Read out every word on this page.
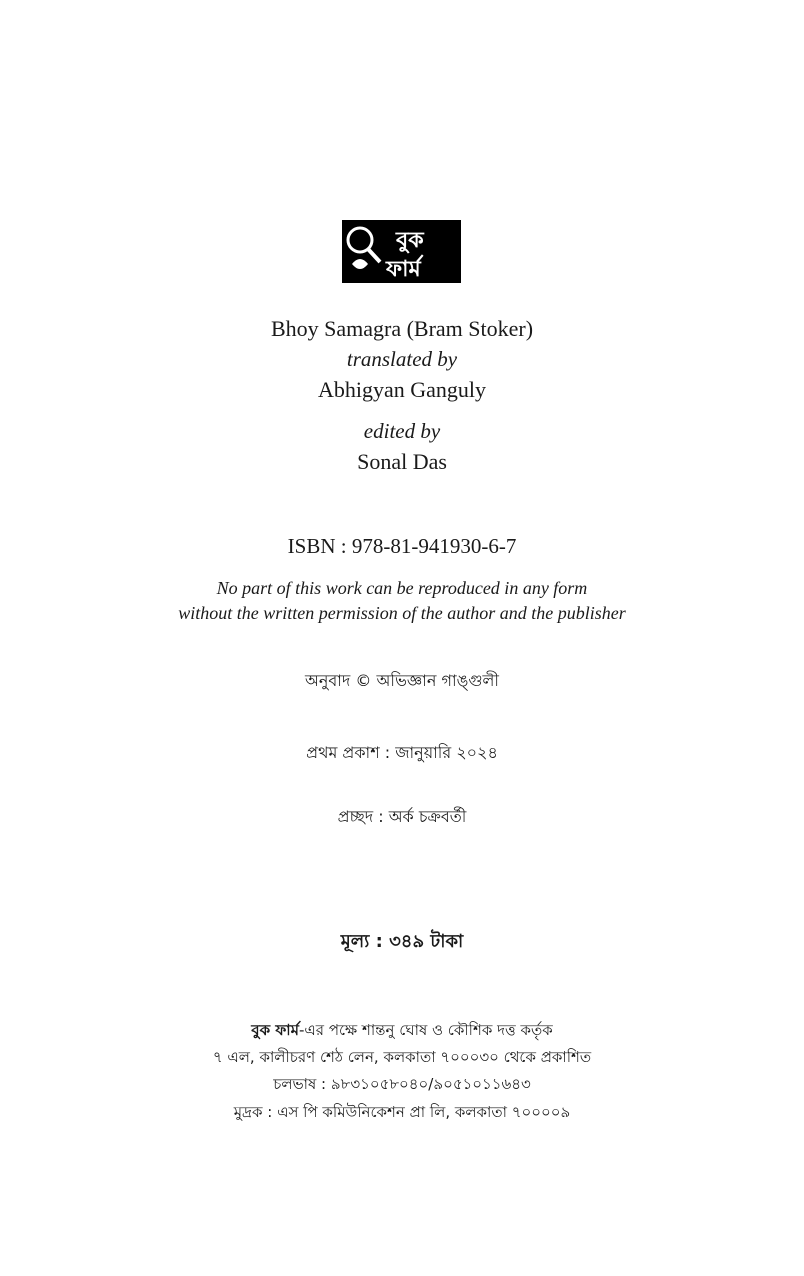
বুক
ফার্ম
Bhoy Samagra (Bram Stoker)
translated by
Abhigyan Ganguly
edited by
Sonal Das
ISBN : 978-81-941930-6-7
No part of this work can be reproduced in any form
without the written permission of the author and the publisher
অনুবাদ © অভিজ্ঞান গাঙ্গুলী
প্রথম প্রকাশ : জানুয়ারি ২০২৪
প্রচ্ছদ : অর্ক চক্রবর্তী
মূল্য : ৩৪৯ টাকা
বুক ফার্ম-এর পক্ষে শান্তনু ঘোষ ও কৌশিক দত্ত কর্তৃক
৭ এল, কালীচরণ শেঠ লেন, কলকাতা ৭০০০৩০ থেকে প্রকাশিত
চলভাষ : ৯৮৩১০৫৮০৪০/৯০৫১০১১৬৪৩
মুদ্রক : এস পি কমিউনিকেশন প্রা লি, কলকাতা ৭০০০০৯
